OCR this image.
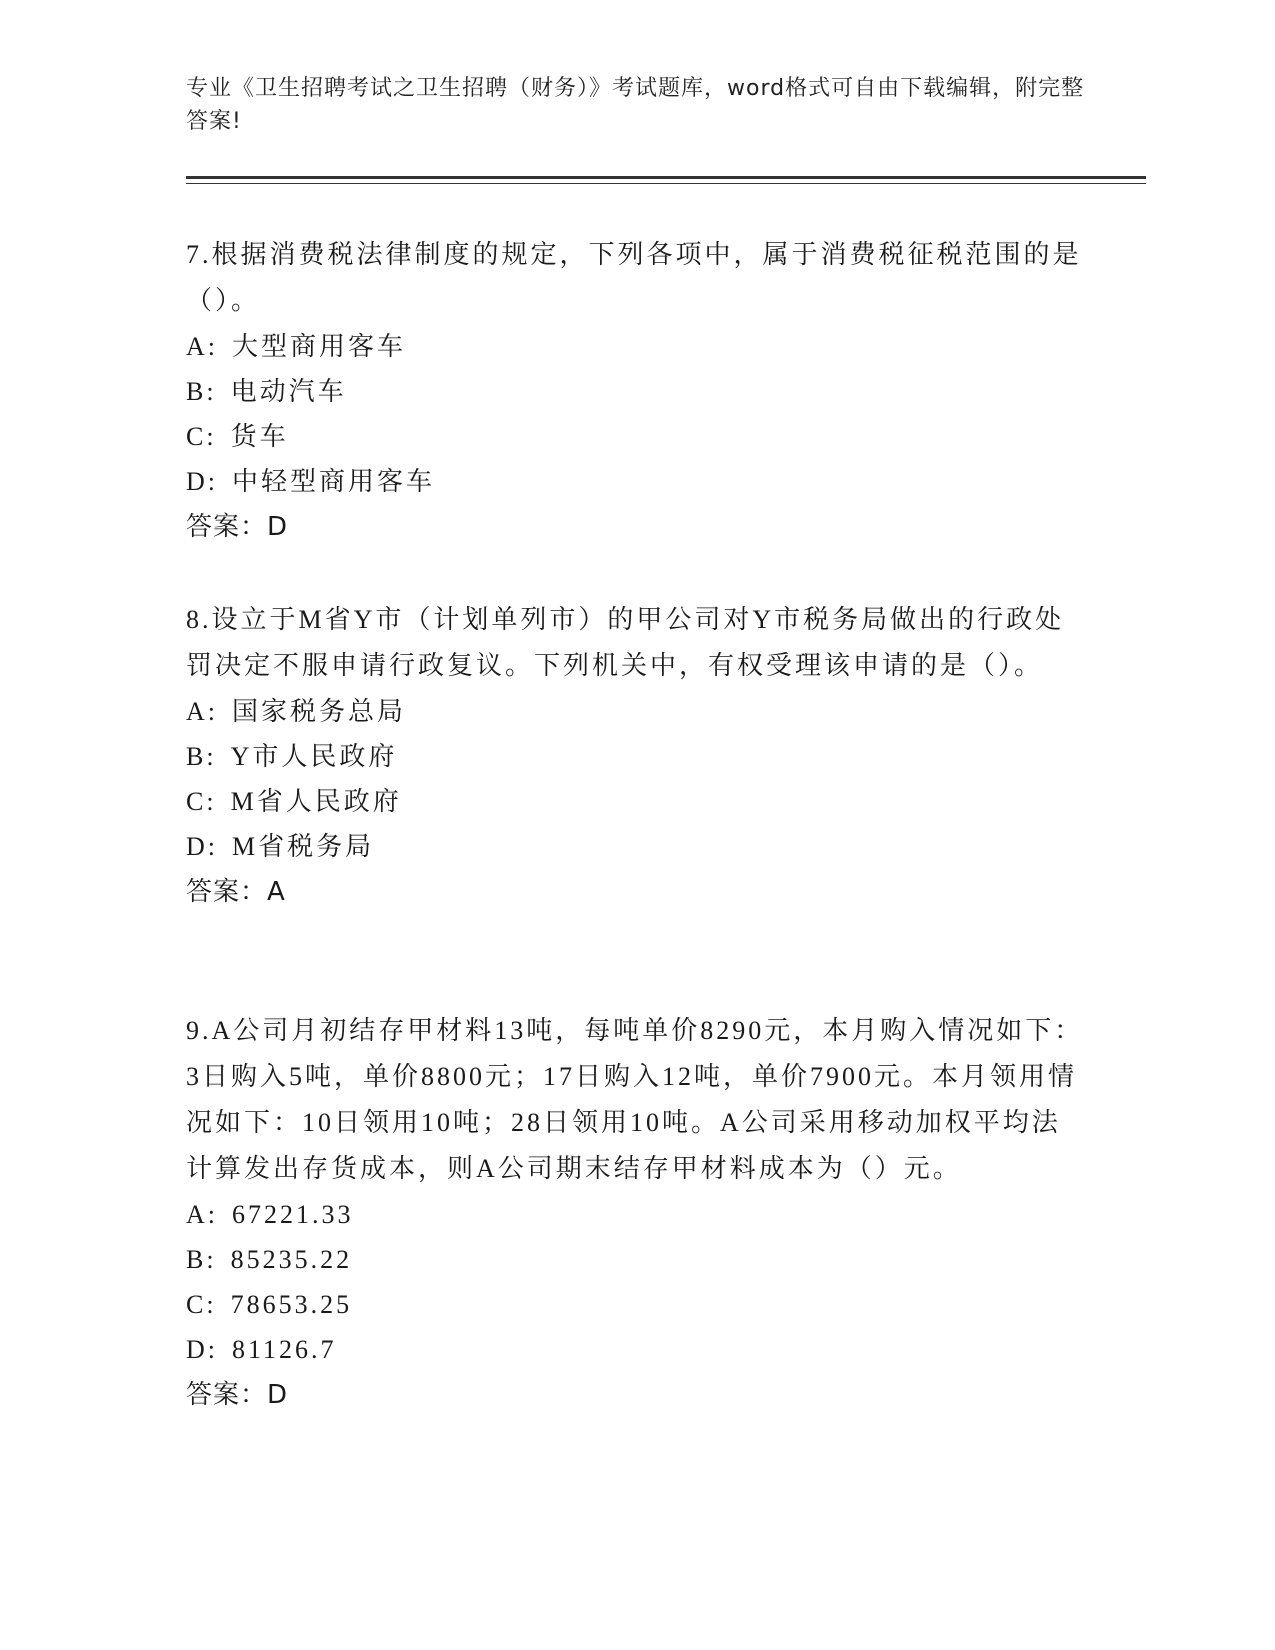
专业《卫生招聘考试之卫生招聘（财务）》考试题库，word格式可自由下载编辑，附完整答案!

7.根据消费税法律制度的规定，下列各项中，属于消费税征税范围的是（）。

A: 大型商用客车
B: 电动汽车
C: 货车
D: 中轻型商用客车
答案：D

8.设立于M省Y市（计划单列市）的甲公司对Y市税务局做出的行政处罚决定不服申请行政复议。下列机关中，有权受理该申请的是（）。

A: 国家税务总局
B: Y市人民政府
C: M省人民政府
D: M省税务局
答案：A

9.A公司月初结存甲材料13吨，每吨单价8290元，本月购入情况如下：3日购入5吨，单价8800元；17日购入12吨，单价7900元。本月领用情况如下：10日领用10吨；28日领用10吨。A公司采用移动加权平均法计算发出存货成本，则A公司期末结存甲材料成本为（）元。

A: 67221.33
B: 85235.22
C: 78653.25
D: 81126.7
答案：D
